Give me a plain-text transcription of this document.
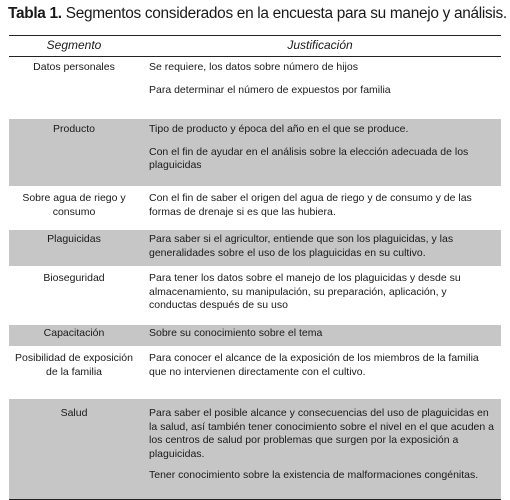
Tabla 1. Segmentos considerados en la encuesta para su manejo y análisis.
Segmento	Justificación

Datos personales	Se requiere, los datos sobre número de hijos
Para determinar el número de expuestos por familia

Producto	Tipo de producto y época del año en el que se produce.
Con el fin de ayudar en el análisis sobre la elección adecuada de los plaguicidas

Sobre agua de riego y consumo	Con el fin de saber el origen del agua de riego y de consumo y de las formas de drenaje si es que las hubiera.

Plaguicidas	Para saber si el agricultor, entiende que son los plaguicidas, y las generalidades sobre el uso de los plaguicidas en su cultivo.

Bioseguridad	Para tener los datos sobre el manejo de los plaguicidas y desde su almacenamiento, su manipulación, su preparación, aplicación, y conductas después de su uso

Capacitación	Sobre su conocimiento sobre el tema

Posibilidad de exposición de la familia	Para conocer el alcance de la exposición de los miembros de la familia que no intervienen directamente con el cultivo.

Salud	Para saber el posible alcance y consecuencias del uso de plaguicidas en la salud, así también tener conocimiento sobre el nivel en el que acuden a los centros de salud por problemas que surgen por la exposición a plaguicidas.
Tener conocimiento sobre la existencia de malformaciones congénitas.
